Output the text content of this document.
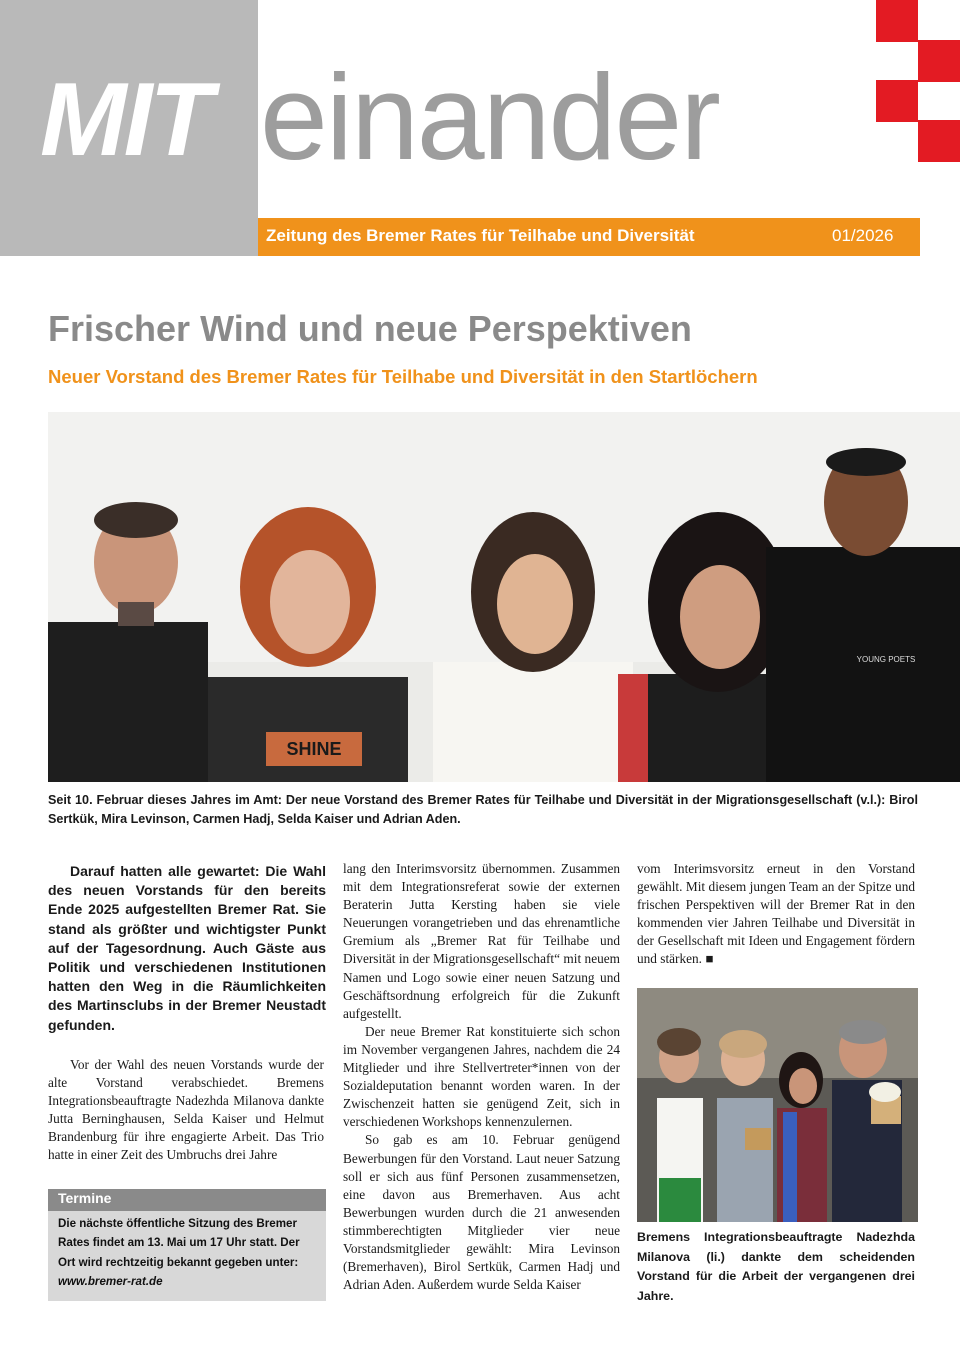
MIT einander
Zeitung des Bremer Rates für Teilhabe und Diversität	01/2026
Frischer Wind und neue Perspektiven
Neuer Vorstand des Bremer Rates für Teilhabe und Diversität in den Startlöchern
SHINE
YOUNG POETS
Seit 10. Februar dieses Jahres im Amt: Der neue Vorstand des Bremer Rates für Teilhabe und Diversität in der Migrationsgesellschaft (v.l.): Birol Sertkük, Mira Levinson, Carmen Hadj, Selda Kaiser und Adrian Aden.
Darauf hatten alle gewartet: Die Wahl des neuen Vorstands für den bereits Ende 2025 aufgestellten Bremer Rat. Sie stand als größter und wichtigster Punkt auf der Tagesordnung. Auch Gäste aus Politik und verschiedenen Institutionen hatten den Weg in die Räumlichkeiten des Martinsclubs in der Bremer Neustadt gefunden.

Vor der Wahl des neuen Vorstands wurde der alte Vorstand verabschiedet. Bremens Integrationsbeauftragte Nadezhda Milanova dankte Jutta Berninghausen, Selda Kaiser und Helmut Brandenburg für ihre engagierte Arbeit. Das Trio hatte in einer Zeit des Umbruchs drei Jahre

Termine
Die nächste öffentliche Sitzung des Bremer Rates findet am 13. Mai um 17 Uhr statt. Der Ort wird rechtzeitig bekannt gegeben unter: www.bremer-rat.de

lang den Interimsvorsitz übernommen. Zusammen mit dem Integrationsreferat sowie der externen Beraterin Jutta Kersting haben sie viele Neuerungen vorangetrieben und das ehrenamtliche Gremium als „Bremer Rat für Teilhabe und Diversität in der Migrationsgesellschaft“ mit neuem Namen und Logo sowie einer neuen Satzung und Geschäftsordnung erfolgreich für die Zukunft aufgestellt.

Der neue Bremer Rat konstituierte sich schon im November vergangenen Jahres, nachdem die 24 Mitglieder und ihre Stellvertreter*innen von der Sozialdeputation benannt worden waren. In der Zwischenzeit hatten sie genügend Zeit, sich in verschiedenen Workshops kennenzulernen.

So gab es am 10. Februar genügend Bewerbungen für den Vorstand. Laut neuer Satzung soll er sich aus fünf Personen zusammensetzen, eine davon aus Bremerhaven. Aus acht Bewerbungen wurden durch die 21 anwesenden stimmberechtigten Mitglieder vier neue Vorstandsmitglieder gewählt: Mira Levinson (Bremerhaven), Birol Sertkük, Carmen Hadj und Adrian Aden. Außerdem wurde Selda Kaiser

vom Interimsvorsitz erneut in den Vorstand gewählt. Mit diesem jungen Team an der Spitze und frischen Perspektiven will der Bremer Rat in den kommenden vier Jahren Teilhabe und Diversität in der Gesellschaft mit Ideen und Engagement fördern und stärken. ■

Bremens Integrationsbeauftragte Nadezhda Milanova (li.) dankte dem scheidenden Vorstand für die Arbeit der vergangenen drei Jahre.
